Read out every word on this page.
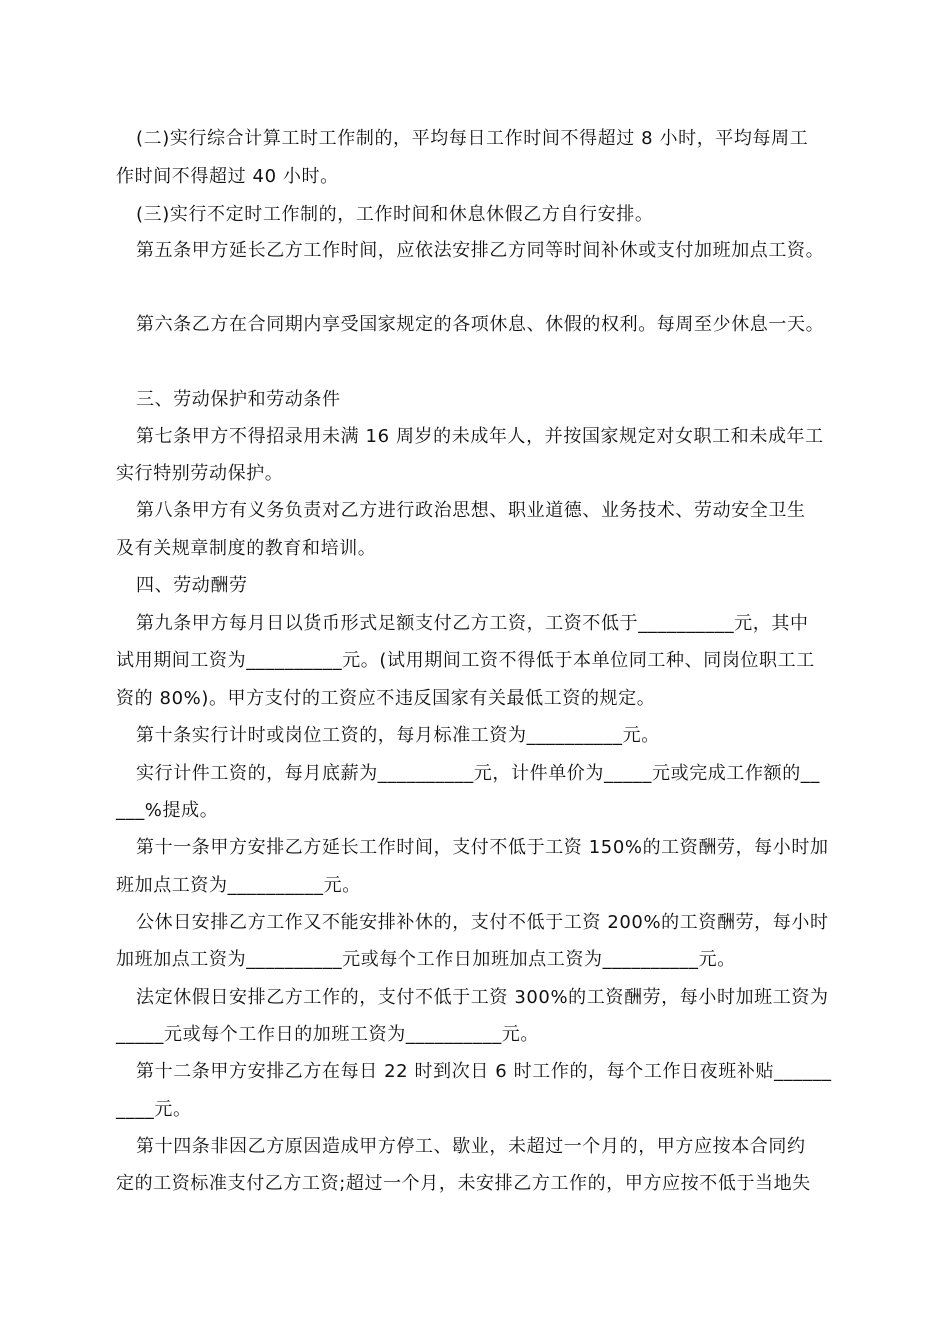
(二)实行综合计算工时工作制的，平均每日工作时间不得超过 8 小时，平均每周工
作时间不得超过 40 小时。
(三)实行不定时工作制的，工作时间和休息休假乙方自行安排。
第五条甲方延长乙方工作时间，应依法安排乙方同等时间补休或支付加班加点工资。
第六条乙方在合同期内享受国家规定的各项休息、休假的权利。每周至少休息一天。
三、劳动保护和劳动条件
第七条甲方不得招录用未满 16 周岁的未成年人，并按国家规定对女职工和未成年工
实行特别劳动保护。
第八条甲方有义务负责对乙方进行政治思想、职业道德、业务技术、劳动安全卫生
及有关规章制度的教育和培训。
四、劳动酬劳
第九条甲方每月日以货币形式足额支付乙方工资，工资不低于__________元，其中
试用期间工资为__________元。(试用期间工资不得低于本单位同工种、同岗位职工工
资的 80%)。甲方支付的工资应不违反国家有关最低工资的规定。
第十条实行计时或岗位工资的，每月标准工资为__________元。
实行计件工资的，每月底薪为__________元，计件单价为_____元或完成工作额的__
___%提成。
第十一条甲方安排乙方延长工作时间，支付不低于工资 150%的工资酬劳，每小时加
班加点工资为__________元。
公休日安排乙方工作又不能安排补休的，支付不低于工资 200%的工资酬劳，每小时
加班加点工资为__________元或每个工作日加班加点工资为__________元。
法定休假日安排乙方工作的，支付不低于工资 300%的工资酬劳，每小时加班工资为
_____元或每个工作日的加班工资为__________元。
第十二条甲方安排乙方在每日 22 时到次日 6 时工作的，每个工作日夜班补贴______
____元。
第十四条非因乙方原因造成甲方停工、歇业，未超过一个月的，甲方应按本合同约
定的工资标准支付乙方工资;超过一个月，未安排乙方工作的，甲方应按不低于当地失
